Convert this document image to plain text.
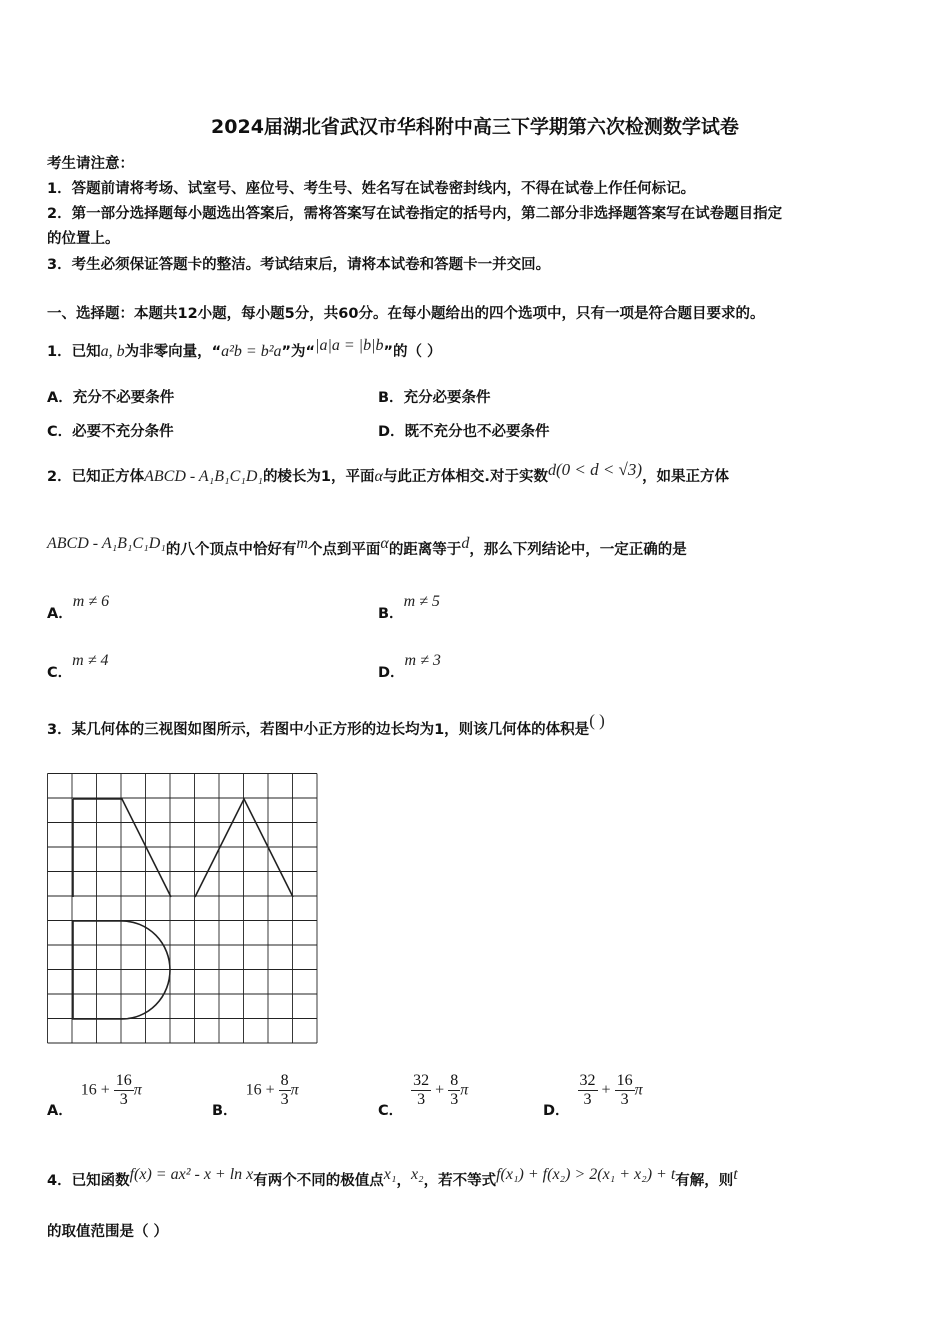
2024届湖北省武汉市华科附中高三下学期第六次检测数学试卷
考生请注意：
1．答题前请将考场、试室号、座位号、考生号、姓名写在试卷密封线内，不得在试卷上作任何标记。
2．第一部分选择题每小题选出答案后，需将答案写在试卷指定的括号内，第二部分非选择题答案写在试卷题目指定
的位置上。
3．考生必须保证答题卡的整洁。考试结束后，请将本试卷和答题卡一并交回。
一、选择题：本题共12小题，每小题5分，共60分。在每小题给出的四个选项中，只有一项是符合题目要求的。
1．已知a, b为非零向量，“a²b = b²a”为“|a|a = |b|b”的（ ）
A．充分不必要条件	B．充分必要条件
C．必要不充分条件	D．既不充分也不必要条件
2．已知正方体ABCD - A₁B₁C₁D₁的棱长为1，平面α与此正方体相交.对于实数d(0 < d < √3)，如果正方体
ABCD - A₁B₁C₁D₁的八个顶点中恰好有m个点到平面α的距离等于d，那么下列结论中，一定正确的是
A．m ≠ 6
B．m ≠ 5
C．m ≠ 4
D．m ≠ 3
3．某几何体的三视图如图所示，若图中小正方形的边长均为1，则该几何体的体积是( )
A．$16 + \frac{16}{3}$ π
B．$16 + \frac{8}{3}$ π
C．
$\frac{32}{3} + \frac{8}{3}$ π
D．
$\frac{32}{3} + \frac{16}{3}$ π
4．已知函数f(x) = ax² - x + ln x有两个不同的极值点x₁，x₂，若不等式f(x₁) + f(x₂) > 2(x₁ + x₂) + t有解，则t
的取值范围是（ ）
